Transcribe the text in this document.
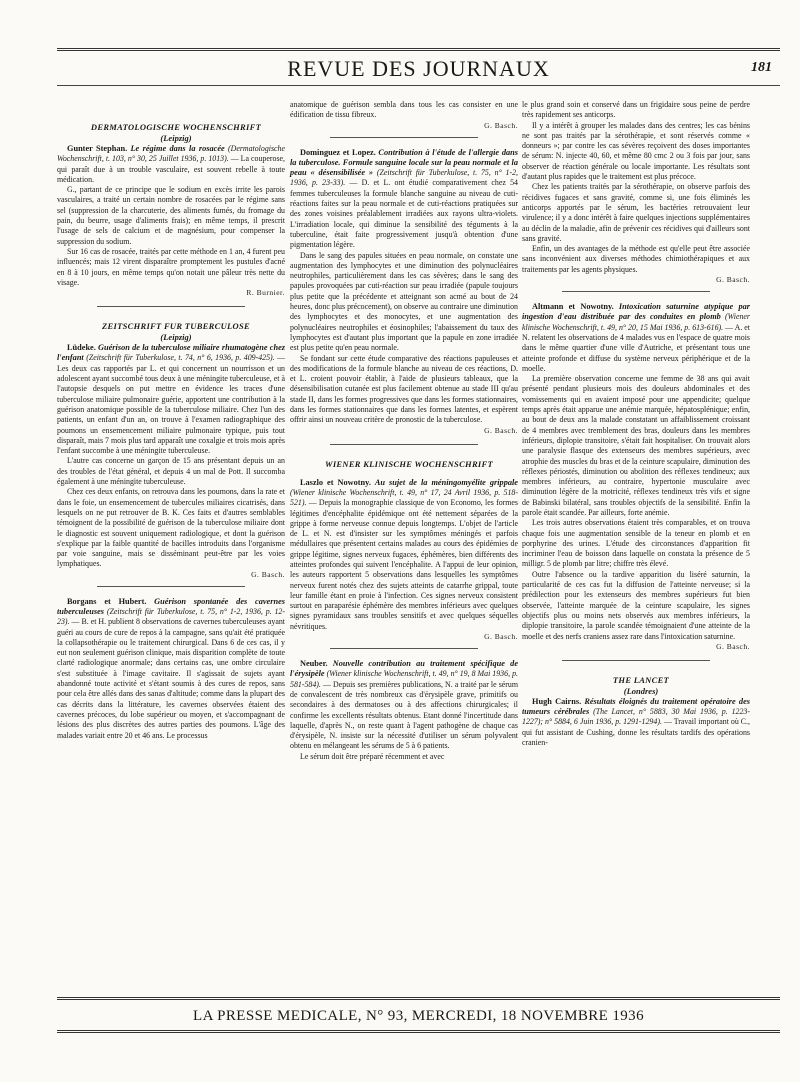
REVUE DES JOURNAUX	181

DERMATOLOGISCHE WOCHENSCHRIFT

(Leipzig)

Gunter Stephan. Le régime dans la rosacée (Dermatologische Wochenschrift, t. 103, n° 30, 25 Juillet 1936, p. 1013). — La couperose, qui paraît due à un trouble vasculaire, est souvent rebelle à toute médication.

G., partant de ce principe que le sodium en excès irrite les parois vasculaires, a traité un certain nombre de rosacées par le régime sans sel (suppression de la charcuterie, des aliments fumés, du fromage du pain, du beurre, usage d'aliments frais); en même temps, il prescrit l'usage de sels de calcium et de magnésium, pour compenser la suppression du sodium.

Sur 16 cas de rosacée, traités par cette méthode en 1 an, 4 furent peu influencés; mais 12 virent disparaître promptement les pustules d'acné en 8 à 10 jours, en même temps qu'on notait une pâleur très nette du visage.

R. Burnier.

ZEITSCHRIFT FUR TUBERCULOSE

(Leipzig)

Lüdeke. Guérison de la tuberculose miliaire rhumatogène chez l'enfant (Zeitschrift für Tuberkulose, t. 74, n° 6, 1936, p. 409-425). — Les deux cas rapportés par L. et qui concernent un nourrisson et un adolescent ayant succombé tous deux à une méningite tuberculeuse, et à l'autopsie desquels on put mettre en évidence les traces d'une tuberculose miliaire pulmonaire guérie, apportent une contribution à la guérison anatomique possible de la tuberculose miliaire. Chez l'un des patients, un enfant d'un an, on trouve à l'examen radiographique des poumons un ensemencement miliaire pulmonaire typique, puis tout disparaît, mais 7 mois plus tard apparaît une coxalgie et trois mois après l'enfant succombe à une méningite tuberculeuse.

L'autre cas concerne un garçon de 15 ans présentant depuis un an des troubles de l'état général, et depuis 4 un mal de Pott. Il succomba également à une méningite tuberculeuse.

Chez ces deux enfants, on retrouva dans les poumons, dans la rate et dans le foie, un ensemencement de tubercules miliaires cicatrisés, dans lesquels on ne put retrouver de B. K. Ces faits et d'autres semblables témoignent de la possibilité de guérison de la tuberculose miliaire dont le diagnostic est souvent uniquement radiologique, et dont la guérison s'explique par la faible quantité de bacilles introduits dans l'organisme par voie sanguine, mais se disséminant peut-être par les voies lymphatiques.

G. Basch.

Borgans et Hubert. Guérison spontanée des cavernes tuberculeuses (Zeitschrift für Tuberkulose, t. 75, n° 1-2, 1936, p. 12-23). — B. et H. publient 8 observations de cavernes tuberculeuses ayant guéri au cours de cure de repos à la campagne, sans qu'ait été pratiquée la collapsothérapie ou le traitement chirurgical. Dans 6 de ces cas, il y eut non seulement guérison clinique, mais disparition complète de toute clarté radiologique anormale; dans certains cas, une ombre circulaire s'est substituée à l'image cavitaire. Il s'agissait de sujets ayant abandonné toute activité et s'étant soumis à des cures de repos, sans pour cela être allés dans des sanas d'altitude; comme dans la plupart des cas décrits dans la littérature, les cavernes observées étaient des cavernes précoces, du lobe supérieur ou moyen, et s'accompagnant de lésions des plus discrètes des autres parties des poumons. L'âge des malades variait entre 20 et 46 ans. Le processus

anatomique de guérison sembla dans tous les cas consister en une édification de tissu fibreux.

G. Basch.

Dominguez et Lopez. Contribution à l'étude de l'allergie dans la tuberculose. Formule sanguine locale sur la peau normale et la peau « désensibilisée » (Zeitschrift für Tuberkulose, t. 75, n° 1-2, 1936, p. 23-33). — D. et L. ont étudié comparativement chez 54 femmes tuberculeuses la formule blanche sanguine au niveau de cuti-réactions faites sur la peau normale et de cuti-réactions pratiquées sur des zones voisines préalablement irradiées aux rayons ultra-violets. L'irradiation locale, qui diminue la sensibilité des téguments à la tuberculine, était faite progressivement jusqu'à obtention d'une pigmentation légère.

Dans le sang des papules situées en peau normale, on constate une augmentation des lymphocytes et une diminution des polynucléaires neutrophiles, particulièrement dans les cas sévères; dans le sang des papules provoquées par cuti-réaction sur peau irradiée (papule toujours plus petite que la précédente et atteignant son acmé au bout de 24 heures, donc plus précocement), on observe au contraire une diminution des lymphocytes et des monocytes, et une augmentation des polynucléaires neutrophiles et éosinophiles; l'abaissement du taux des lymphocytes est d'autant plus important que la papule en zone irradiée est plus petite qu'en peau normale.

Se fondant sur cette étude comparative des réactions papuleuses et des modifications de la formule blanche au niveau de ces réactions, D. et L. croient pouvoir établir, à l'aide de plusieurs tableaux, que la désensibilisation cutanée est plus facilement obtenue au stade III qu'au stade II, dans les formes progressives que dans les formes stationnaires, dans les formes stationnaires que dans les formes latentes, et espèrent offrir ainsi un nouveau critère de pronostic de la tuberculose.

G. Basch.

WIENER KLINISCHE WOCHENSCHRIFT

Laszlo et Nowotny. Au sujet de la méningomyélite grippale (Wiener klinische Wochenschrift, t. 49, n° 17, 24 Avril 1936, p. 518-521). — Depuis la monographie classique de von Economo, les formes légitimes d'encéphalite épidémique ont été nettement séparées de la grippe à forme nerveuse connue depuis longtemps. L'objet de l'article de L. et N. est d'insister sur les symptômes méningés et parfois médullaires que présentent certains malades au cours des épidémies de grippe légitime, signes nerveux fugaces, éphémères, bien différents des atteintes profondes qui suivent l'encéphalite. A l'appui de leur opinion, les auteurs rapportent 5 observations dans lesquelles les symptômes nerveux furent notés chez des sujets atteints de catarrhe grippal, toute leur famille étant en proie à l'infection. Ces signes nerveux consistent surtout en paraparésie éphémère des membres inférieurs avec quelques signes pyramidaux sans troubles sensitifs et avec quelques séquelles névritiques.

G. Basch.

Neuber. Nouvelle contribution au traitement spécifique de l'érysipèle (Wiener klinische Wochenschrift, t. 49, n° 19, 8 Mai 1936, p. 581-584). — Depuis ses premières publications, N. a traité par le sérum de convalescent de très nombreux cas d'érysipèle grave, primitifs ou secondaires à des dermatoses ou à des affections chirurgicales; il confirme les excellents résultats obtenus. Etant donné l'incertitude dans laquelle, d'après N., on reste quant à l'agent pathogène de chaque cas d'érysipèle, N. insiste sur la nécessité d'utiliser un sérum polyvalent obtenu en mélangeant les sérums de 5 à 6 patients.

Le sérum doit être préparé récemment et avec

le plus grand soin et conservé dans un frigidaire sous peine de perdre très rapidement ses anticorps.

Il y a intérêt à grouper les malades dans des centres; les cas bénins ne sont pas traités par la sérothérapie, et sont réservés comme « donneurs »; par contre les cas sévères reçoivent des doses importantes de sérum: N. injecte 40, 60, et même 80 cmc 2 ou 3 fois par jour, sans observer de réaction générale ou locale importante. Les résultats sont d'autant plus rapides que le traitement est plus précoce.

Chez les patients traités par la sérothérapie, on observe parfois des récidives fugaces et sans gravité, comme si, une fois éliminés les anticorps apportés par le sérum, les bactéries retrouvaient leur virulence; il y a donc intérêt à faire quelques injections supplémentaires au déclin de la maladie, afin de prévenir ces récidives qui d'ailleurs sont sans gravité.

Enfin, un des avantages de la méthode est qu'elle peut être associée sans inconvénient aux diverses méthodes chimiothérapiques et aux traitements par les agents physiques.

G. Basch.

Altmann et Nowotny. Intoxication saturnine atypique par ingestion d'eau distribuée par des conduites en plomb (Wiener klinische Wochenschrift, t. 49, n° 20, 15 Mai 1936, p. 613-616). — A. et N. relatent les observations de 4 malades vus en l'espace de quatre mois dans le même quartier d'une ville d'Autriche, et présentant tous une atteinte profonde et diffuse du système nerveux périphérique et de la moelle.

La première observation concerne une femme de 38 ans qui avait présenté pendant plusieurs mois des douleurs abdominales et des vomissements qui en avaient imposé pour une appendicite; quelque temps après était apparue une anémie marquée, hépatosplénique; enfin, au bout de deux ans la malade constatant un affaiblissement croissant de 4 membres avec tremblement des bras, douleurs dans les membres inférieurs, diplopie transitoire, s'était fait hospitaliser. On trouvait alors une paralysie flasque des extenseurs des membres supérieurs, avec atrophie des muscles du bras et de la ceinture scapulaire, diminution des réflexes périostés, diminution ou abolition des réflexes tendineux; aux membres inférieurs, au contraire, hypertonie musculaire avec diminution légère de la motricité, réflexes tendineux très vifs et signe de Babinski bilatéral, sans troubles objectifs de la sensibilité. Enfin la parole était scandée. Par ailleurs, forte anémie.

Les trois autres observations étaient très comparables, et on trouva chaque fois une augmentation sensible de la teneur en plomb et en porphyrine des urines. L'étude des circonstances d'apparition fit incriminer l'eau de boisson dans laquelle on constata la présence de 5 milligr. 5 de plomb par litre; chiffre très élevé.

Outre l'absence ou la tardive apparition du liséré saturnin, la particularité de ces cas fut la diffusion de l'atteinte nerveuse; si la prédilection pour les extenseurs des membres supérieurs fut bien observée, l'atteinte marquée de la ceinture scapulaire, les signes objectifs plus ou moins nets observés aux membres inférieurs, la diplopie transitoire, la parole scandée témoignaient d'une atteinte de la moelle et des nerfs craniens assez rare dans l'intoxication saturnine.

G. Basch.

THE LANCET

(Londres)

Hugh Cairns. Résultats éloignés du traitement opératoire des tumeurs cérébrales (The Lancet, n° 5883, 30 Mai 1936, p. 1223-1227); n° 5884, 6 Juin 1936, p. 1291-1294). — Travail important où C., qui fut assistant de Cushing, donne les résultats tardifs des opérations cranien-

LA PRESSE MEDICALE, N° 93, MERCREDI, 18 NOVEMBRE 1936
